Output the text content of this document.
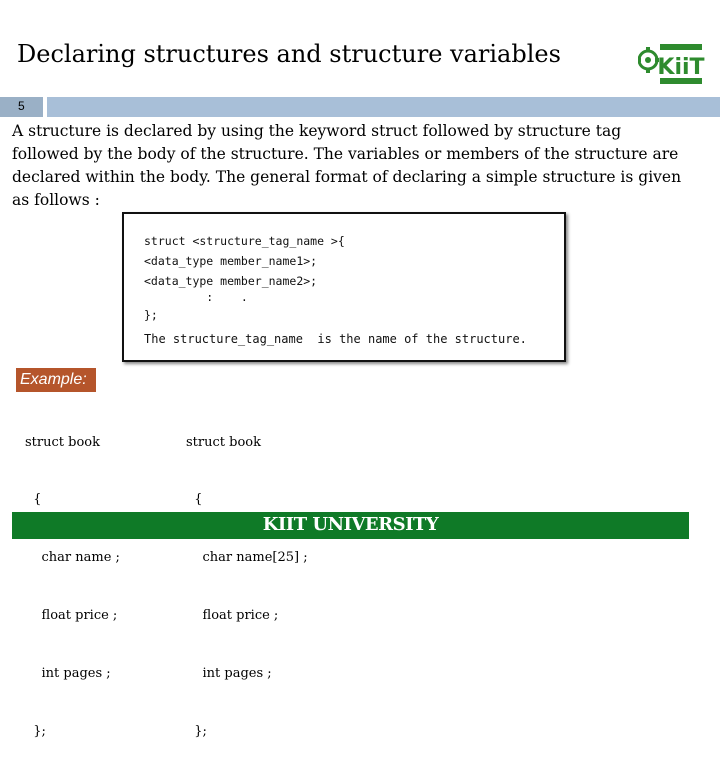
Declaring structures and structure variables	KiiT
5
A structure is declared by using the keyword struct followed by structure tag
followed by the body of the structure. The variables or members of the structure are
declared within the body. The general format of declaring a simple structure is given
as follows :
struct <structure_tag_name >{
<data_type member_name1>;
<data_type member_name2>;
:    .
};
The structure_tag_name  is the name of the structure.
Example:

struct book

{

char name ;

float price ;

int pages ;

};

struct book

{

char name[25] ;

float price ;

int pages ;

};

KIIT UNIVERSITY
